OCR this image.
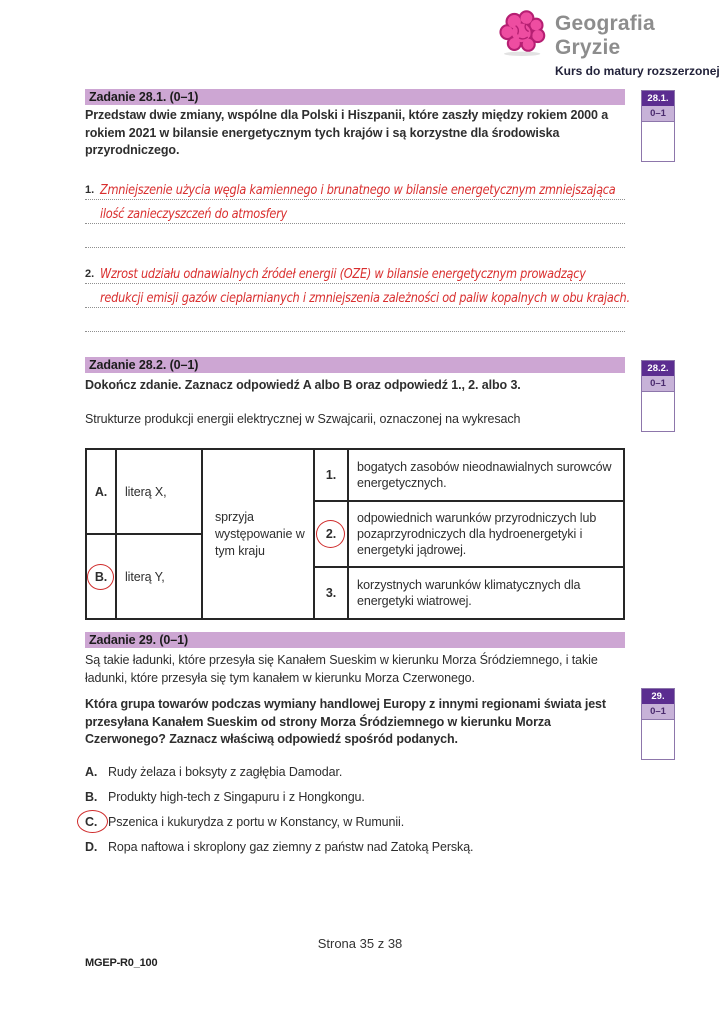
Geografia Gryzie
Kurs do matury rozszerzonej
Zadanie 28.1. (0–1)
Przedstaw dwie zmiany, wspólne dla Polski i Hiszpanii, które zaszły między rokiem 2000 a rokiem 2021 w bilansie energetycznym tych krajów i są korzystne dla środowiska przyrodniczego.
28.1.
0–1
1. Zmniejszenie użycia węgla kamiennego i brunatnego w bilansie energetycznym zmniejszająca
ilość zanieczyszczeń do atmosfery
2. Wzrost udziału odnawialnych źródeł energii (OZE) w bilansie energetycznym prowadzący
redukcji emisji gazów cieplarnianych i zmniejszenia zależności od paliw kopalnych w obu krajach.
Zadanie 28.2. (0–1)
Dokończ zdanie. Zaznacz odpowiedź A albo B oraz odpowiedź 1., 2. albo 3.
Strukturze produkcji energii elektrycznej w Szwajcarii, oznaczonej na wykresach
28.2.
0–1
A.	literą X,
sprzyja występowanie w tym kraju
B.	literą Y,
1.
bogatych zasobów nieodnawialnych surowców energetycznych.
2.
odpowiednich warunków przyrodniczych lub pozaprzyrodniczych dla hydroenergetyki i energetyki jądrowej.
3.
korzystnych warunków klimatycznych dla energetyki wiatrowej.
Zadanie 29. (0–1)
Są takie ładunki, które przesyła się Kanałem Sueskim w kierunku Morza Śródziemnego, i takie ładunki, które przesyła się tym kanałem w kierunku Morza Czerwonego.
Która grupa towarów podczas wymiany handlowej Europy z innymi regionami świata jest przesyłana Kanałem Sueskim od strony Morza Śródziemnego w kierunku Morza Czerwonego? Zaznacz właściwą odpowiedź spośród podanych.
29.
0–1
A. Rudy żelaza i boksyty z zagłębia Damodar.
B. Produkty high-tech z Singapuru i z Hongkongu.
C. Pszenica i kukurydza z portu w Konstancy, w Rumunii.
D. Ropa naftowa i skroplony gaz ziemny z państw nad Zatoką Perską.
Strona 35 z 38
MGEP-R0_100
